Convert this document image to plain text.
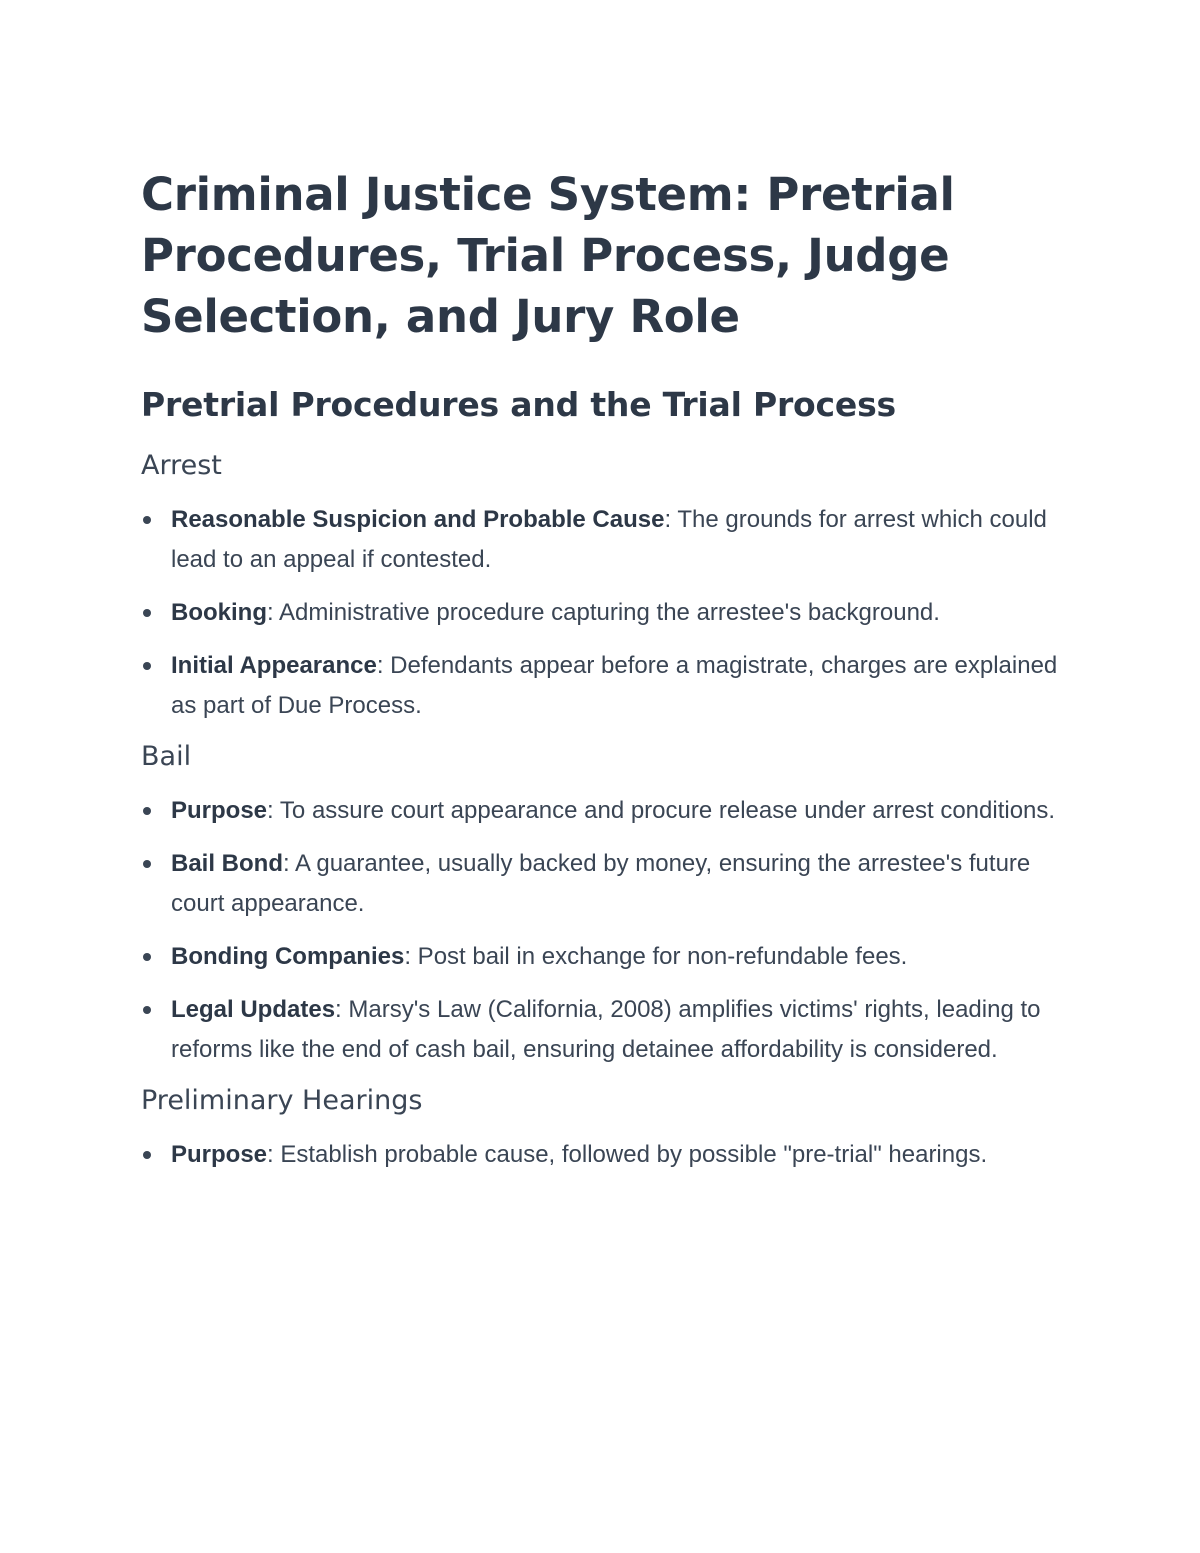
Criminal Justice System: Pretrial Procedures, Trial Process, Judge Selection, and Jury Role
Pretrial Procedures and the Trial Process
Arrest
Reasonable Suspicion and Probable Cause: The grounds for arrest which could lead to an appeal if contested.
Booking: Administrative procedure capturing the arrestee's background.
Initial Appearance: Defendants appear before a magistrate, charges are explained as part of Due Process.
Bail
Purpose: To assure court appearance and procure release under arrest conditions.
Bail Bond: A guarantee, usually backed by money, ensuring the arrestee's future court appearance.
Bonding Companies: Post bail in exchange for non-refundable fees.
Legal Updates: Marsy's Law (California, 2008) amplifies victims' rights, leading to reforms like the end of cash bail, ensuring detainee affordability is considered.
Preliminary Hearings
Purpose: Establish probable cause, followed by possible "pre-trial" hearings.
